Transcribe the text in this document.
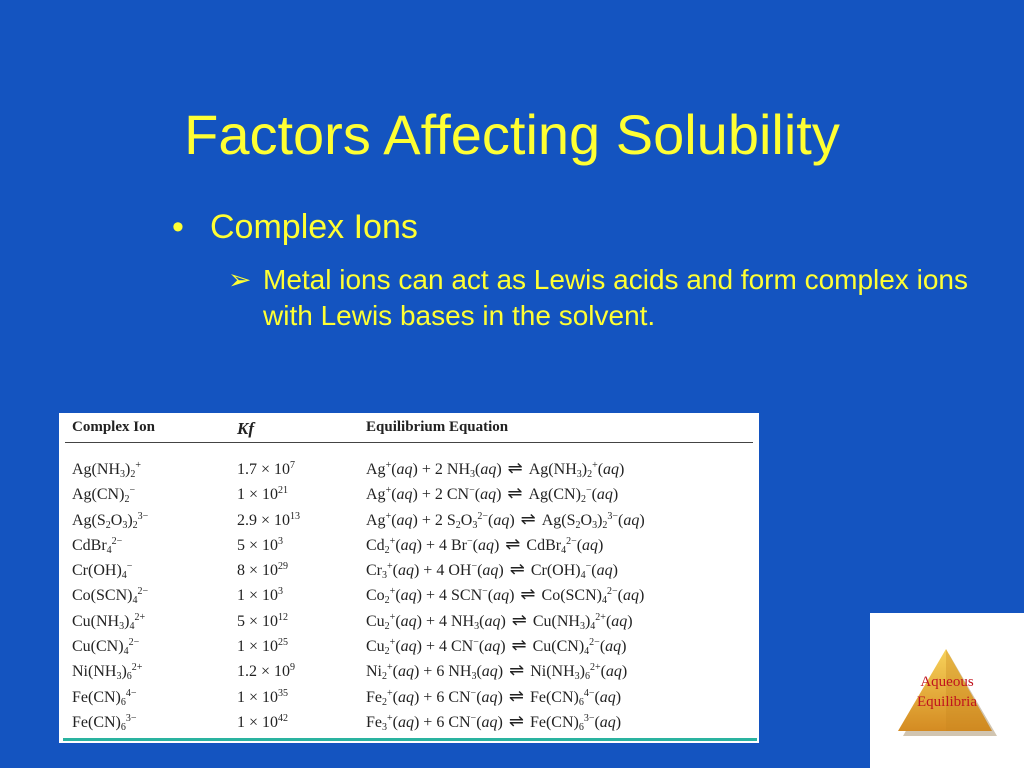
Factors Affecting Solubility
• Complex Ions
➢ Metal ions can act as Lewis acids and form complex ions with Lewis bases in the solvent.
Complex Ion	Kf	Equilibrium Equation
$Ag(NH_3)_2^+$	$1.7 \times 10^7$	Ag+(aq) + 2 $NH_3(aq)$ ⇌ $Ag(NH_3)_2^+(aq)$
$Ag(CN)_2^-$	$1 \times 10^{21}$	Ag+(aq) + 2 CN−(aq) ⇌ $Ag(CN)_2^-(aq)$
$Ag(S_2O_3)_2^{3-}$	$2.9 \times 10^{13}$	Ag+(aq) + 2 $S_2O_3^{2-}(aq)$ ⇌ $Ag(S_2O_3)_2^{3-}(aq)$
CdBr$_4^{2-}$	$5 \times 10^3$	$Cd_2^+(aq) + 4$ Br−(aq) ⇌ CdBr$_4^{2-}$(aq)
$Cr(OH)_4^-$	$8 \times 10^{29}$	$Cr_3^+(aq) + 4$ OH−(aq) ⇌ $Cr(OH)_4^-(aq)$
$Co(SCN)_4^{2-}$	$1 \times 10^3$	$Co_2^+(aq) + 4$ SCN−(aq) ⇌ $Co(SCN)_4^{2-}(aq)$
$Cu(NH_3)_4^{2+}$	$5 \times 10^{12}$	$Cu_2^+(aq) + 4$ $NH_3(aq)$ ⇌ $Cu(NH_3)_4^{2+}(aq)$
$Cu(CN)_4^{2-}$	$1 \times 10^{25}$	$Cu_2^+(aq) + 4$ CN−(aq) ⇌ $Cu(CN)_4^{2-}(aq)$
$Ni(NH_3)_6^{2+}$	$1.2 \times 10^9$	$Ni_2^+(aq) + 6$ $NH_3(aq)$ ⇌ $Ni(NH_3)_6^{2+}(aq)$
$Fe(CN)_6^{4-}$	$1 \times 10^{35}$	$Fe_2^+(aq) + 6$ CN−(aq) ⇌ $Fe(CN)_6^{4-}(aq)$
$Fe(CN)_6^{3-}$	$1 \times 10^{42}$	$Fe_3^+(aq) + 6$ CN−(aq) ⇌ $Fe(CN)_6^{3-}(aq)$
Aqueous
Equilibria
